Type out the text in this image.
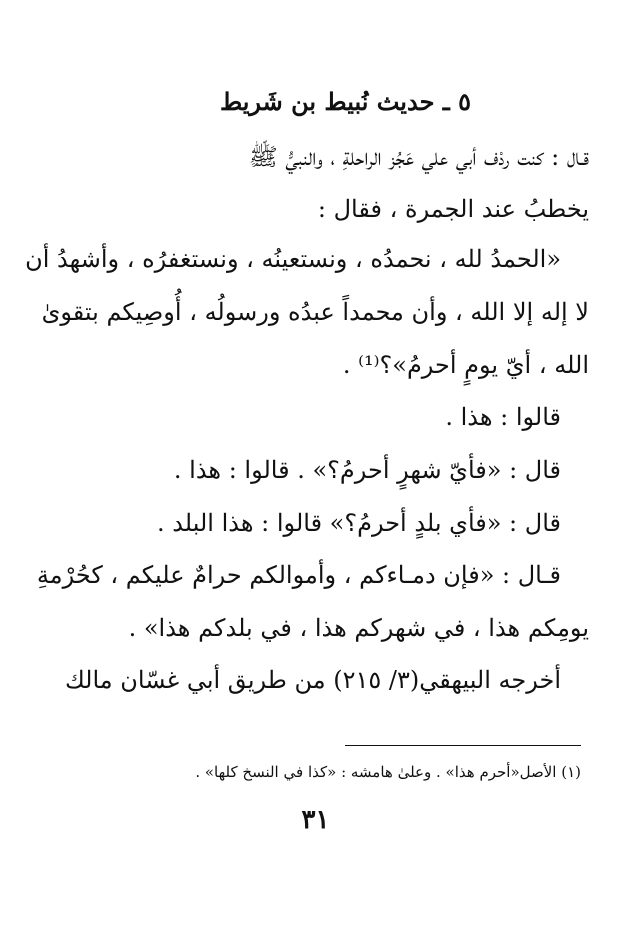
٥ ـ حديث نُبيط بن شَريط
قـال : كنت ردْف أبي علي عَجُز الراحلةِ ، والنبيُّ ﷺ
يخطبُ عند الجمرة ، فقال :
«الحمدُ لله ، نحمدُه ، ونستعينُه ، ونستغفرُه ، وأشهدُ أن
لا إله إلا الله ، وأن محمداً عبدُه ورسولُه ، أُوصِيكم بتقوىٰ
الله ، أيّ يومٍ أحرمُ»؟⁽¹⁾ .
قالوا : هذا .
قال : «فأيّ شهرٍ أحرمُ؟» . قالوا : هذا .
قال : «فأي بلدٍ أحرمُ؟» قالوا : هذا البلد .
قـال : «فإن دمـاءكم ، وأموالكم حرامٌ عليكم ، كحُرْمةِ
يومِكم هذا ، في شهركم هذا ، في بلدكم هذا» .
أخرجه البيهقي(٣/ ٢١٥) من طريق أبي غسّان مالك
(١) الأصل«أحرم هذا» . وعلىٰ هامشه : «كذا في النسخ كلها» .
٣١
